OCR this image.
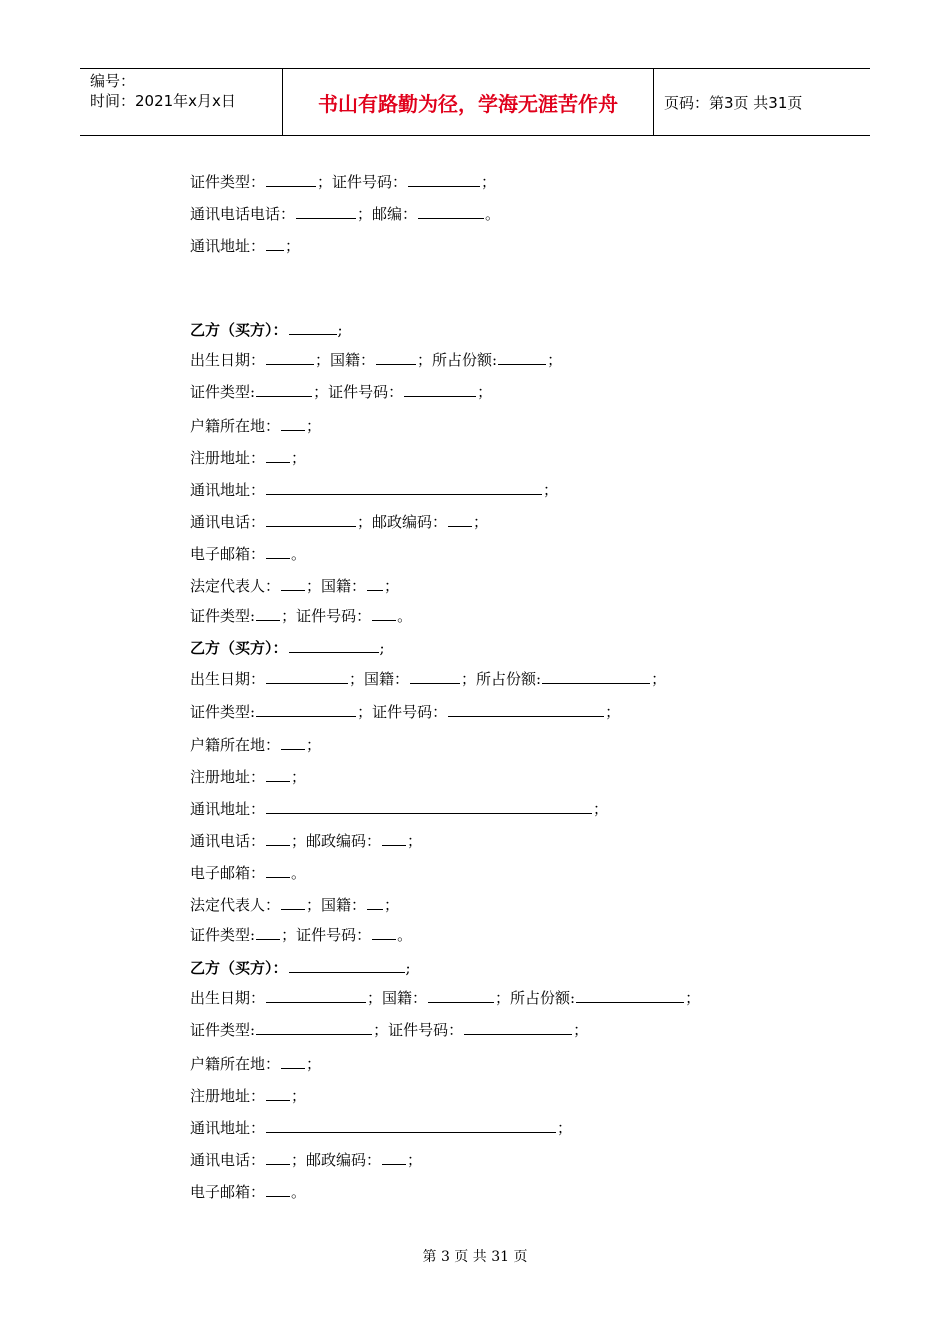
编号：
时间：2021年x月x日	书山有路勤为径，学海无涯苦作舟	页码：第3页 共31页
证件类型：	；证件号码：	；
通讯电话电话：	；邮编：	。
通讯地址： ；
乙方（买方）：	;
出生日期：	；国籍：	；所占份额:	；
证件类型:	；证件号码：	；
户籍所在地： ；
注册地址： ；
通讯地址：	；
通讯电话：	；邮政编码： ；
电子邮箱： 。
法定代表人： ；国籍： ；
证件类型: ；证件号码： 。
乙方（买方）：	;
出生日期：	；国籍：	；所占份额:	；
证件类型:	；证件号码：	；
户籍所在地： ；
注册地址： ；
通讯地址：	；
通讯电话： ；邮政编码： ；
电子邮箱： 。
法定代表人： ；国籍： ；
证件类型: ；证件号码： 。
乙方（买方）：	;
出生日期：	；国籍：	；所占份额:	；
证件类型:	；证件号码：	；
户籍所在地： ；
注册地址： ；
通讯地址：	；
通讯电话： ；邮政编码： ；
电子邮箱： 。
第 3 页 共 31 页
